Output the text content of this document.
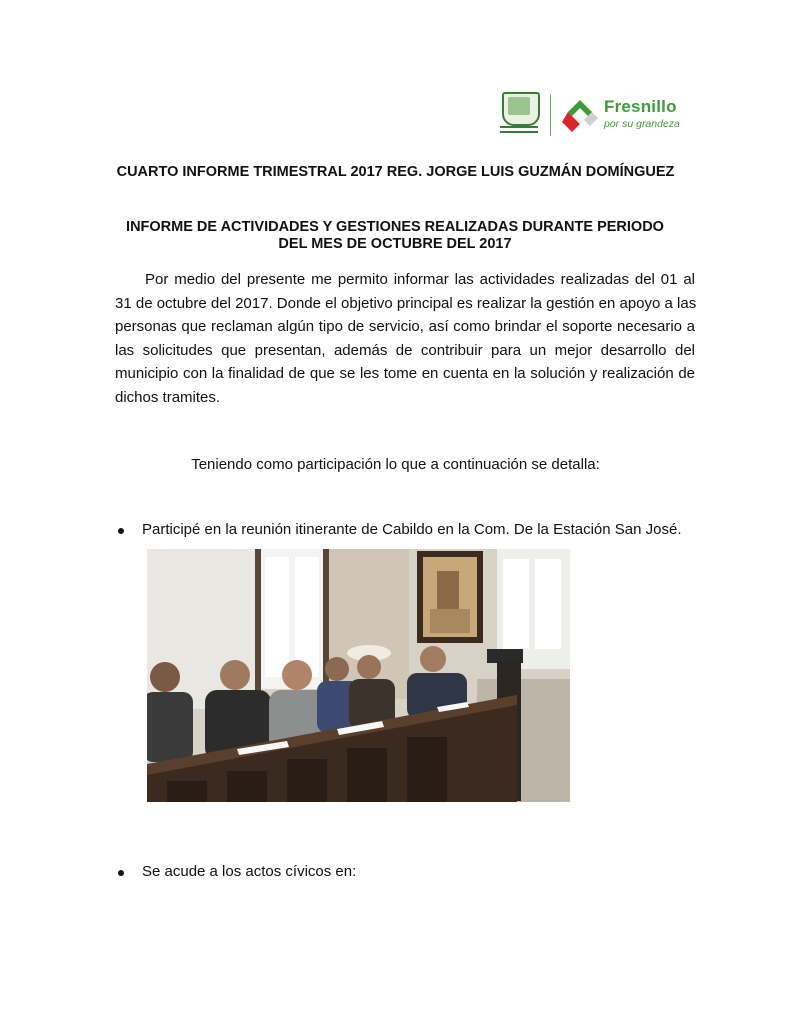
Fresnillo
por su grandeza
CUARTO INFORME TRIMESTRAL 2017 REG. JORGE LUIS GUZMÁN DOMÍNGUEZ
INFORME DE ACTIVIDADES Y GESTIONES REALIZADAS DURANTE PERIODO
DEL MES DE OCTUBRE DEL 2017
Por medio del presente me permito informar las actividades realizadas del 01 al
31 de octubre del 2017. Donde el objetivo principal es realizar la gestión en apoyo a las
personas que reclaman algún tipo de servicio, así como brindar el soporte necesario a
las solicitudes que presentan, además de contribuir para un mejor desarrollo del
municipio con la finalidad de que se les tome en cuenta en la solución y realización de
dichos tramites.
Teniendo como participación lo que a continuación se detalla:
Participé en la reunión itinerante de Cabildo en la Com. De la Estación San José.
Se acude a los actos cívicos en:
